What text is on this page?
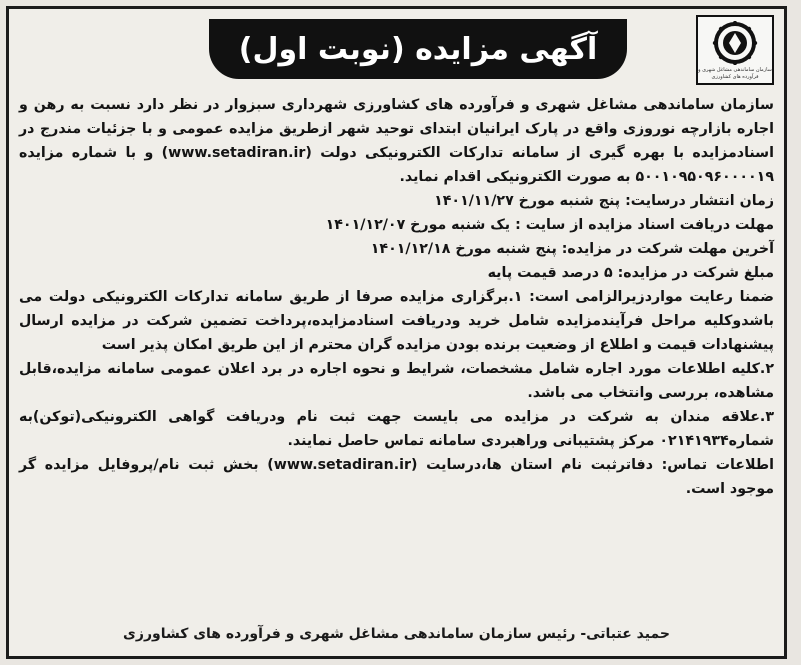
آگهی مزایده (نوبت اول)
سازمان ساماندهی مشاغل شهری و فرآورده های کشاورزی

سازمان ساماندهی مشاغل شهری و فرآورده های کشاورزی شهرداری سبزوار در نظر دارد نسبت به رهن و اجاره بازارچه نوروزی واقع در پارک ایرانیان ابتدای توحید شهر ازطریق مزایده عمومی و با جزئیات مندرج در اسنادمزایده با بهره گیری از سامانه تدارکات الکترونیکی دولت (www.setadiran.ir) و با شماره مزایده ۵۰۰۱۰۹۵۰۹۶۰۰۰۰۱۹ به صورت الکترونیکی اقدام نماید.

زمان انتشار درسایت: پنج شنبه مورخ ۱۴۰۱/۱۱/۲۷

مهلت دریافت اسناد مزایده از سایت : یک شنبه مورخ ۱۴۰۱/۱۲/۰۷

آخرین مهلت شرکت در مزایده: پنج شنبه مورخ ۱۴۰۱/۱۲/۱۸

مبلغ شرکت در مزایده: ۵ درصد قیمت پایه

ضمنا رعایت مواردزیرالزامی است: ۱.برگزاری مزایده صرفا از طریق سامانه تدارکات الکترونیکی دولت می باشدوکلیه مراحل فرآیندمزایده شامل خرید ودریافت اسنادمزایده،پرداخت تضمین شرکت در مزایده ارسال پیشنهادات قیمت و اطلاع از وضعیت برنده بودن مزایده گران محترم از این طریق امکان پذیر است

۲.کلیه اطلاعات مورد اجاره شامل مشخصات، شرایط و نحوه اجاره در برد اعلان عمومی سامانه مزایده،قابل مشاهده، بررسی وانتخاب می باشد.

۳.علاقه مندان به شرکت در مزایده می بایست جهت ثبت نام ودریافت گواهی الکترونیکی(توکن)به شماره۰۲۱۴۱۹۳۴ مرکز پشتیبانی وراهبردی سامانه تماس حاصل نمایند.

اطلاعات تماس: دفاترثبت نام استان ها،درسایت (www.setadiran.ir) بخش ثبت نام/پروفایل مزایده گر موجود است.

حمید عتباتی- رئیس سازمان ساماندهی مشاغل شهری و فرآورده های کشاورزی
